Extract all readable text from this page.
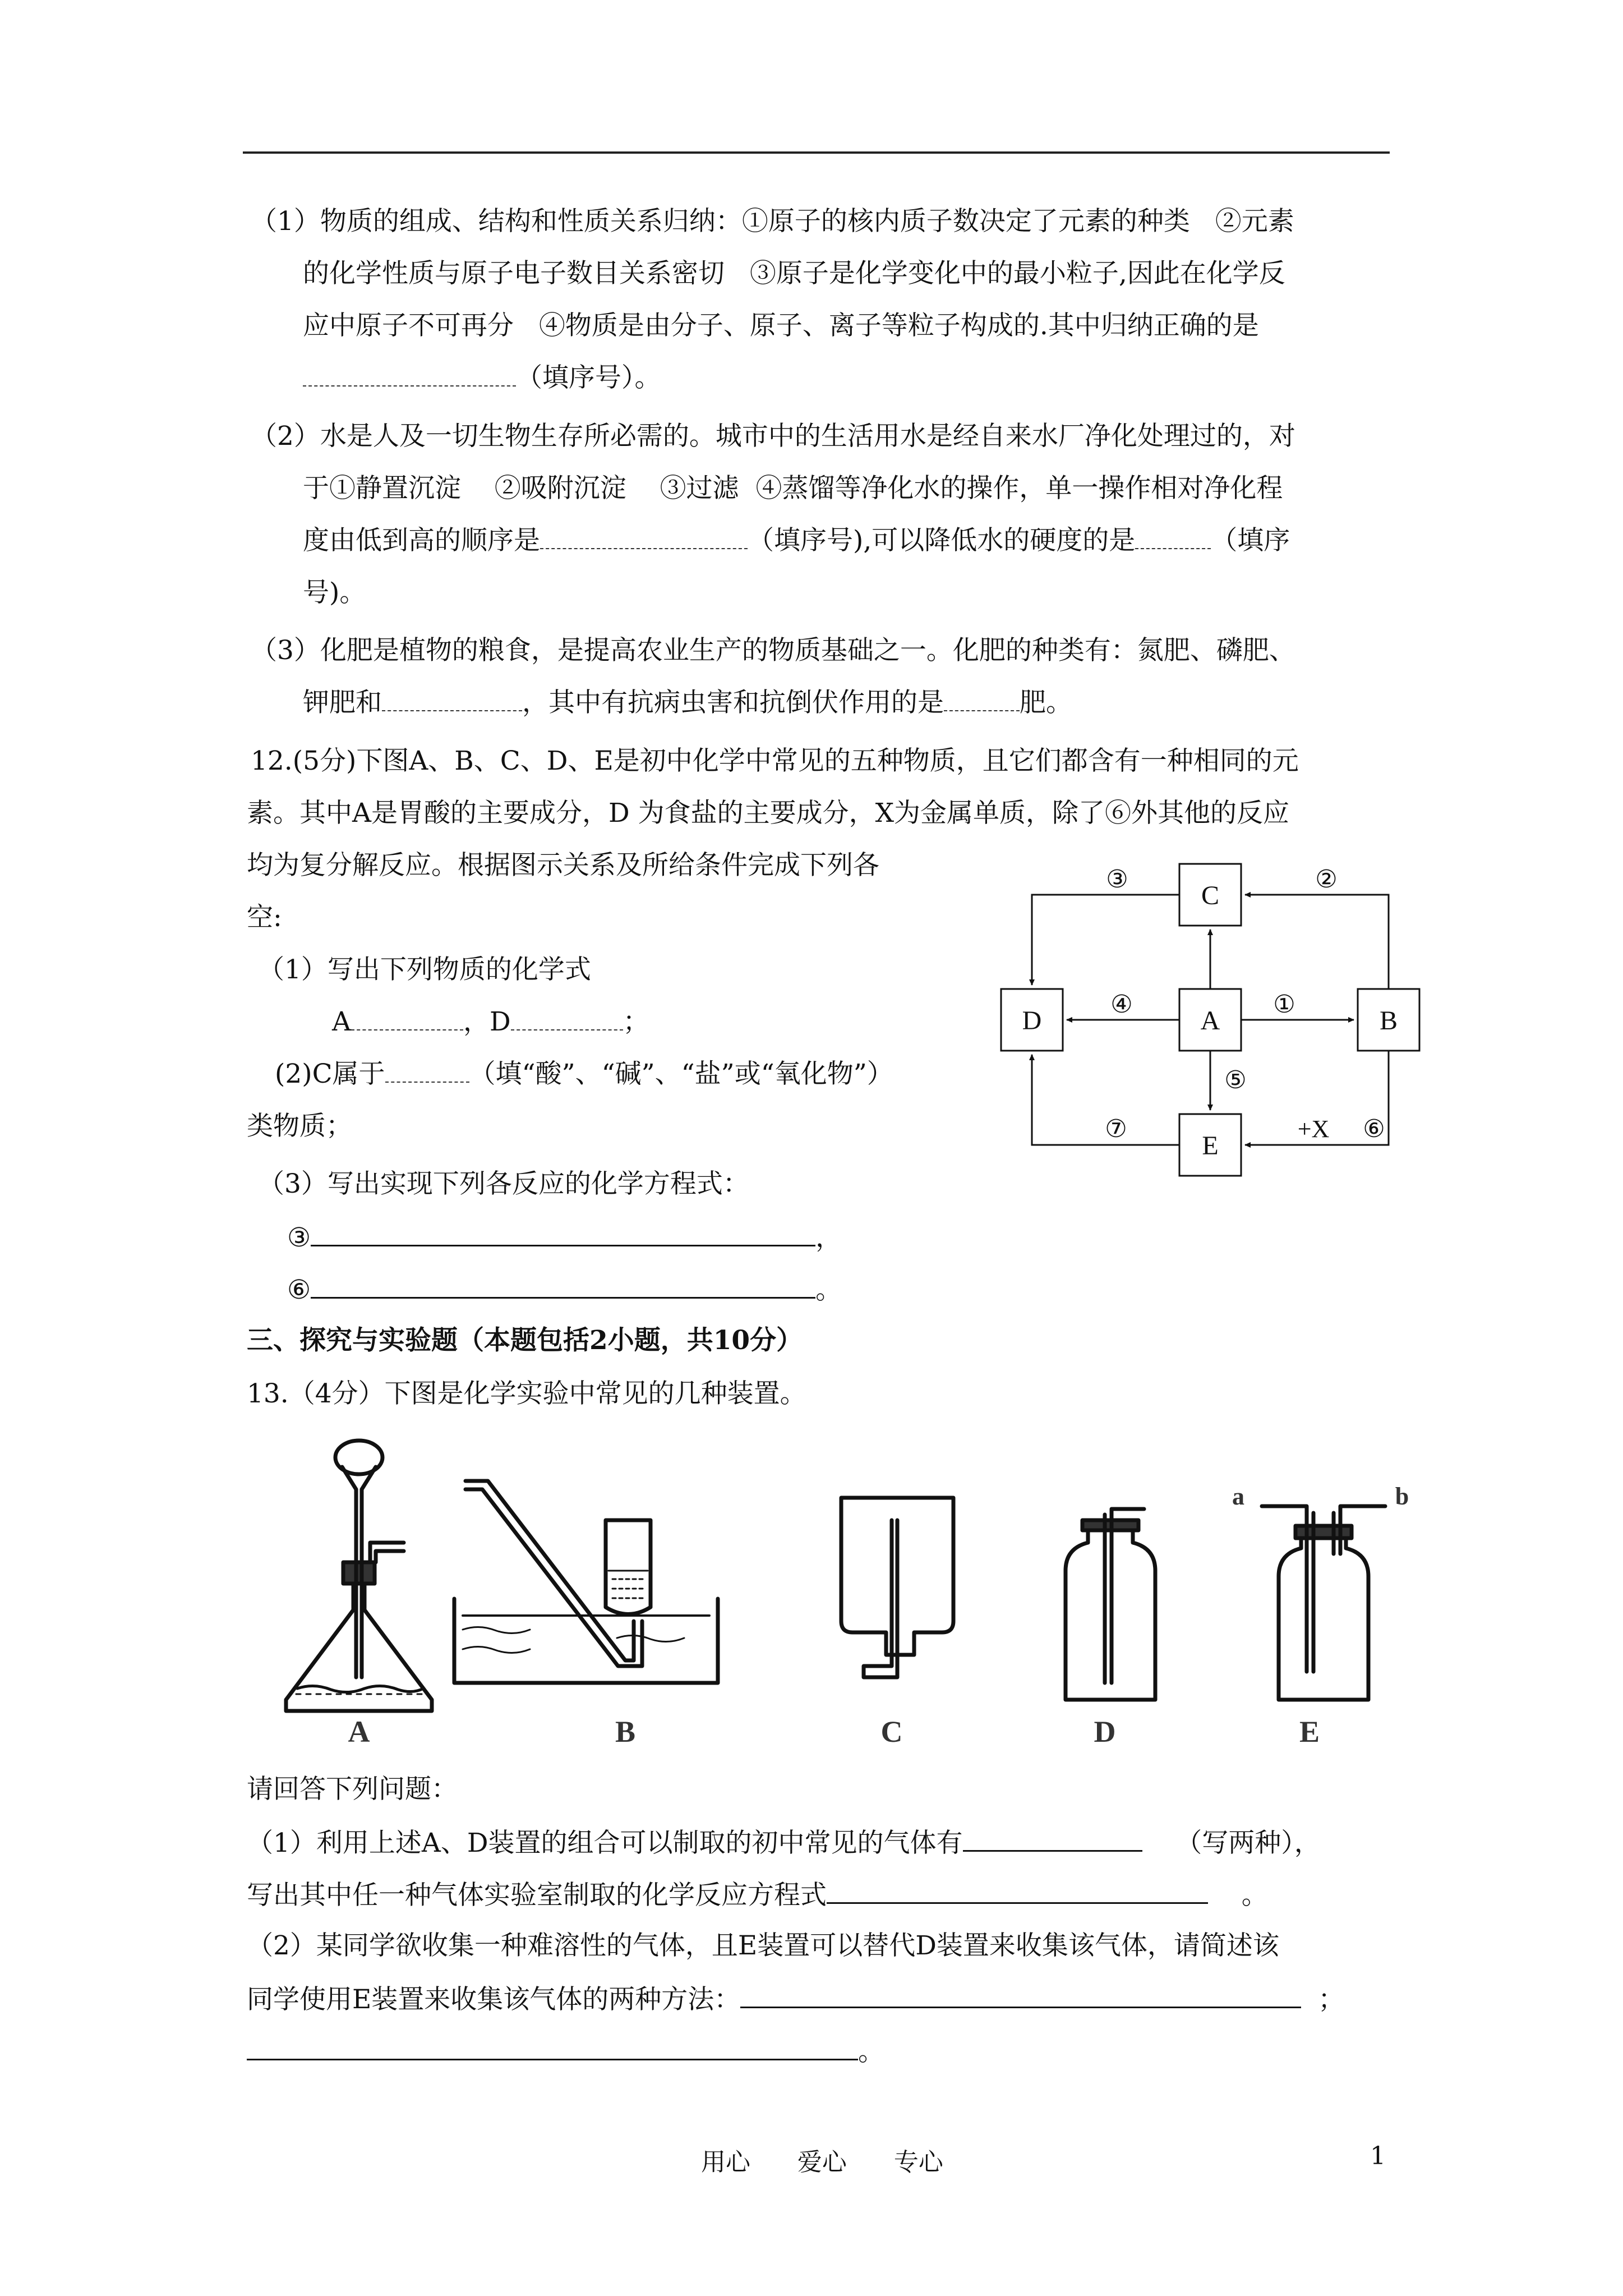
（1）物质的组成、结构和性质关系归纳：①原子的核内质子数决定了元素的种类   ②元素
的化学性质与原子电子数目关系密切   ③原子是化学变化中的最小粒子,因此在化学反
应中原子不可再分   ④物质是由分子、原子、离子等粒子构成的.其中归纳正确的是
（填序号）。
（2）水是人及一切生物生存所必需的。城市中的生活用水是经自来水厂净化处理过的，对
于①静置沉淀    ②吸附沉淀    ③过滤  ④蒸馏等净化水的操作，单一操作相对净化程
度由低到高的顺序是	（填序号),可以降低水的硬度的是	（填序
号)。
（3）化肥是植物的粮食，是提高农业生产的物质基础之一。化肥的种类有：氮肥、磷肥、
钾肥和	，其中有抗病虫害和抗倒伏作用的是	肥。
12.(5分)下图A、B、C、D、E是初中化学中常见的五种物质，且它们都含有一种相同的元
素。其中A是胃酸的主要成分，D 为食盐的主要成分，X为金属单质，除了⑥外其他的反应
均为复分解反应。根据图示关系及所给条件完成下列各
空:
（1）写出下列物质的化学式
A	，D	；
(2)C属于	（填“酸”、“碱”、“盐”或“氧化物”）
类物质；
（3）写出实现下列各反应的化学方程式：
③	，
⑥	。
C
D	A	B
E
③	②
④	①
⑤
⑦	⑥
+X
三、探究与实验题（本题包括2小题，共10分）
13.（4分）下图是化学实验中常见的几种装置。
A	B	C	D	E
a	b
请回答下列问题：
（1）利用上述A、D装置的组合可以制取的初中常见的气体有	（写两种），
写出其中任一种气体实验室制取的化学反应方程式	。
（2）某同学欲收集一种难溶性的气体，且E装置可以替代D装置来收集该气体，请简述该
同学使用E装置来收集该气体的两种方法：	；
。
用心      爱心      专心	1
